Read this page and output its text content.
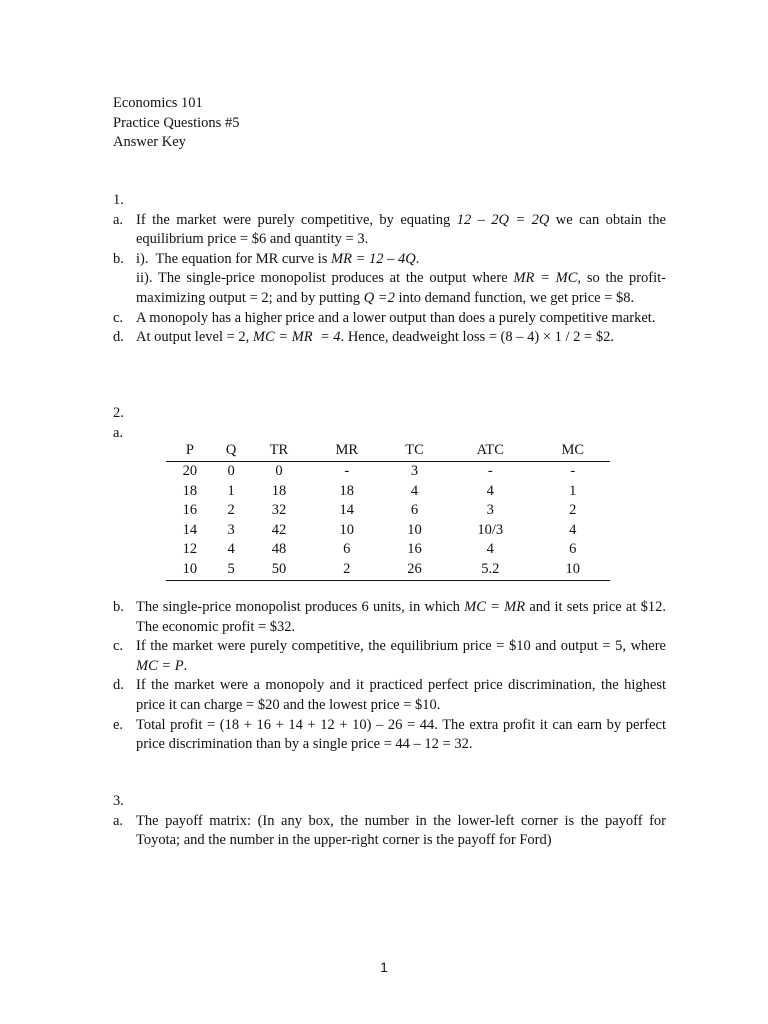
Economics 101
Practice Questions #5
Answer Key
1.
a. If the market were purely competitive, by equating 12 – 2Q = 2Q we can obtain the equilibrium price = $6 and quantity = 3.
b. i).  The equation for MR curve is MR = 12 – 4Q.
ii). The single-price monopolist produces at the output where MR = MC, so the profit-maximizing output = 2; and by putting Q =2 into demand function, we get price = $8.
c. A monopoly has a higher price and a lower output than does a purely competitive market.
d. At output level = 2, MC = MR  = 4. Hence, deadweight loss = (8 – 4) × 1 / 2 = $2.
2.
a.
P	Q	TR	MR	TC	ATC	MC
20	0	0	-	3	-	-
18	1	18	18	4	4	1
16	2	32	14	6	3	2
14	3	42	10	10	10/3	4
12	4	48	6	16	4	6
10	5	50	2	26	5.2	10
b. The single-price monopolist produces 6 units, in which MC = MR and it sets price at $12. The economic profit = $32.
c. If the market were purely competitive, the equilibrium price = $10 and output = 5, where MC = P.
d. If the market were a monopoly and it practiced perfect price discrimination, the highest price it can charge = $20 and the lowest price = $10.
e. Total profit = (18 + 16 + 14 + 12 + 10) – 26 = 44. The extra profit it can earn by perfect price discrimination than by a single price = 44 – 12 = 32.
3.
a. The payoff matrix: (In any box, the number in the lower-left corner is the payoff for Toyota; and the number in the upper-right corner is the payoff for Ford)
1
